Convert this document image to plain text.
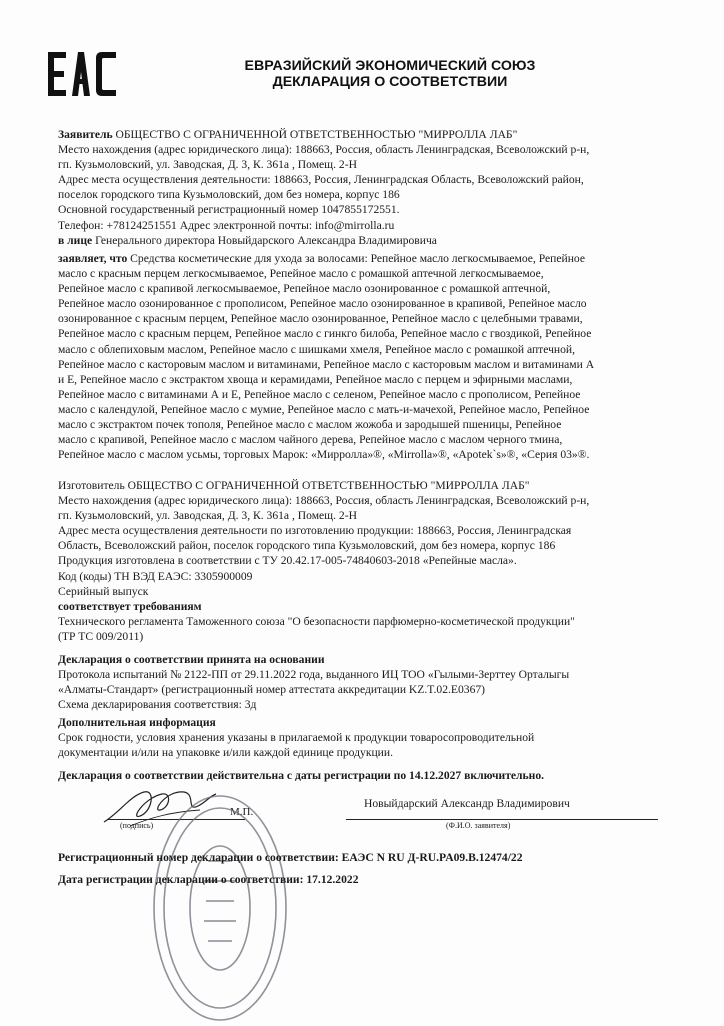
ЕВРАЗИЙСКИЙ ЭКОНОМИЧЕСКИЙ СОЮЗ
ДЕКЛАРАЦИЯ О СООТВЕТСТВИИ

Заявитель ОБЩЕСТВО С ОГРАНИЧЕННОЙ ОТВЕТСТВЕННОСТЬЮ "МИРРОЛЛА ЛАБ"

Место нахождения (адрес юридического лица): 188663, Россия, область Ленинградская, Всеволожский р-н,

гп. Кузьмоловский, ул. Заводская, Д. 3, К. 361а , Помещ. 2-Н

Адрес места осуществления деятельности: 188663, Россия, Ленинградская Область, Всеволожский район,

поселок городского типа Кузьмоловский, дом без номера, корпус 186

Основной государственный регистрационный номер 1047855172551.

Телефон: +78124251551 Адрес электронной почты: info@mirrolla.ru

в лице Генерального директора Новыйдарского Александра Владимировича

заявляет, что Средства косметические для ухода за волосами: Репейное масло легкосмываемое, Репейное

масло с красным перцем легкосмываемое, Репейное масло с ромашкой аптечной легкосмываемое,

Репейное масло с крапивой легкосмываемое, Репейное масло озонированное с ромашкой аптечной,

Репейное масло озонированное с прополисом, Репейное масло озонированное в крапивой, Репейное масло

озонированное с красным перцем, Репейное масло озонированное, Репейное масло с целебными травами,

Репейное масло с красным перцем, Репейное масло с гинкго билоба, Репейное масло с гвоздикой, Репейное

масло с облепиховым маслом, Репейное масло с шишками хмеля, Репейное масло с ромашкой аптечной,

Репейное масло с касторовым маслом и витаминами, Репейное масло с касторовым маслом и витаминами А

и Е, Репейное масло с экстрактом хвоща и керамидами, Репейное масло с перцем и эфирными маслами,

Репейное масло с витаминами А и Е, Репейное масло с селеном, Репейное масло с прополисом, Репейное

масло с календулой, Репейное масло с мумие, Репейное масло с мать-и-мачехой, Репейное масло, Репейное

масло с экстрактом почек тополя, Репейное масло с маслом жожоба и зародышей пшеницы, Репейное

масло с крапивой, Репейное масло с маслом чайного дерева, Репейное масло с маслом черного тмина,

Репейное масло с маслом усьмы, торговых Марок: «Мирролла»®, «Mirrolla»®, «Apotek`s»®, «Серия 03»®.

Изготовитель ОБЩЕСТВО С ОГРАНИЧЕННОЙ ОТВЕТСТВЕННОСТЬЮ "МИРРОЛЛА ЛАБ"

Место нахождения (адрес юридического лица): 188663, Россия, область Ленинградская, Всеволожский р-н,

гп. Кузьмоловский, ул. Заводская, Д. 3, К. 361а , Помещ. 2-Н

Адрес места осуществления деятельности по изготовлению продукции: 188663, Россия, Ленинградская

Область, Всеволожский район, поселок городского типа Кузьмоловский, дом без номера, корпус 186

Продукция изготовлена в соответствии с ТУ 20.42.17-005-74840603-2018 «Репейные масла».

Код (коды) ТН ВЭД ЕАЭС: 3305900009

Серийный выпуск

соответствует требованиям

Технического регламента Таможенного союза "О безопасности парфюмерно-косметической продукции"

(ТР ТС 009/2011)

Декларация о соответствии принята на основании

Протокола испытаний № 2122-ПП от 29.11.2022 года, выданного ИЦ ТОО «Гылыми-Зерттеу Орталыгы

«Алматы-Стандарт» (регистрационный номер аттестата аккредитации KZ.T.02.E0367)

Схема декларирования соответствия: 3д

Дополнительная информация

Срок годности, условия хранения указаны в прилагаемой к продукции товаросопроводительной

документации и/или на упаковке и/или каждой единице продукции.

Декларация о соответствии действительна с даты регистрации по 14.12.2027 включительно.
(подпись)
М.П.
Новыйдарский Александр Владимирович
(Ф.И.О. заявителя)
Регистрационный номер декларации о соответствии: ЕАЭС N RU Д-RU.PA09.B.12474/22
Дата регистрации декларации о соответствии: 17.12.2022
